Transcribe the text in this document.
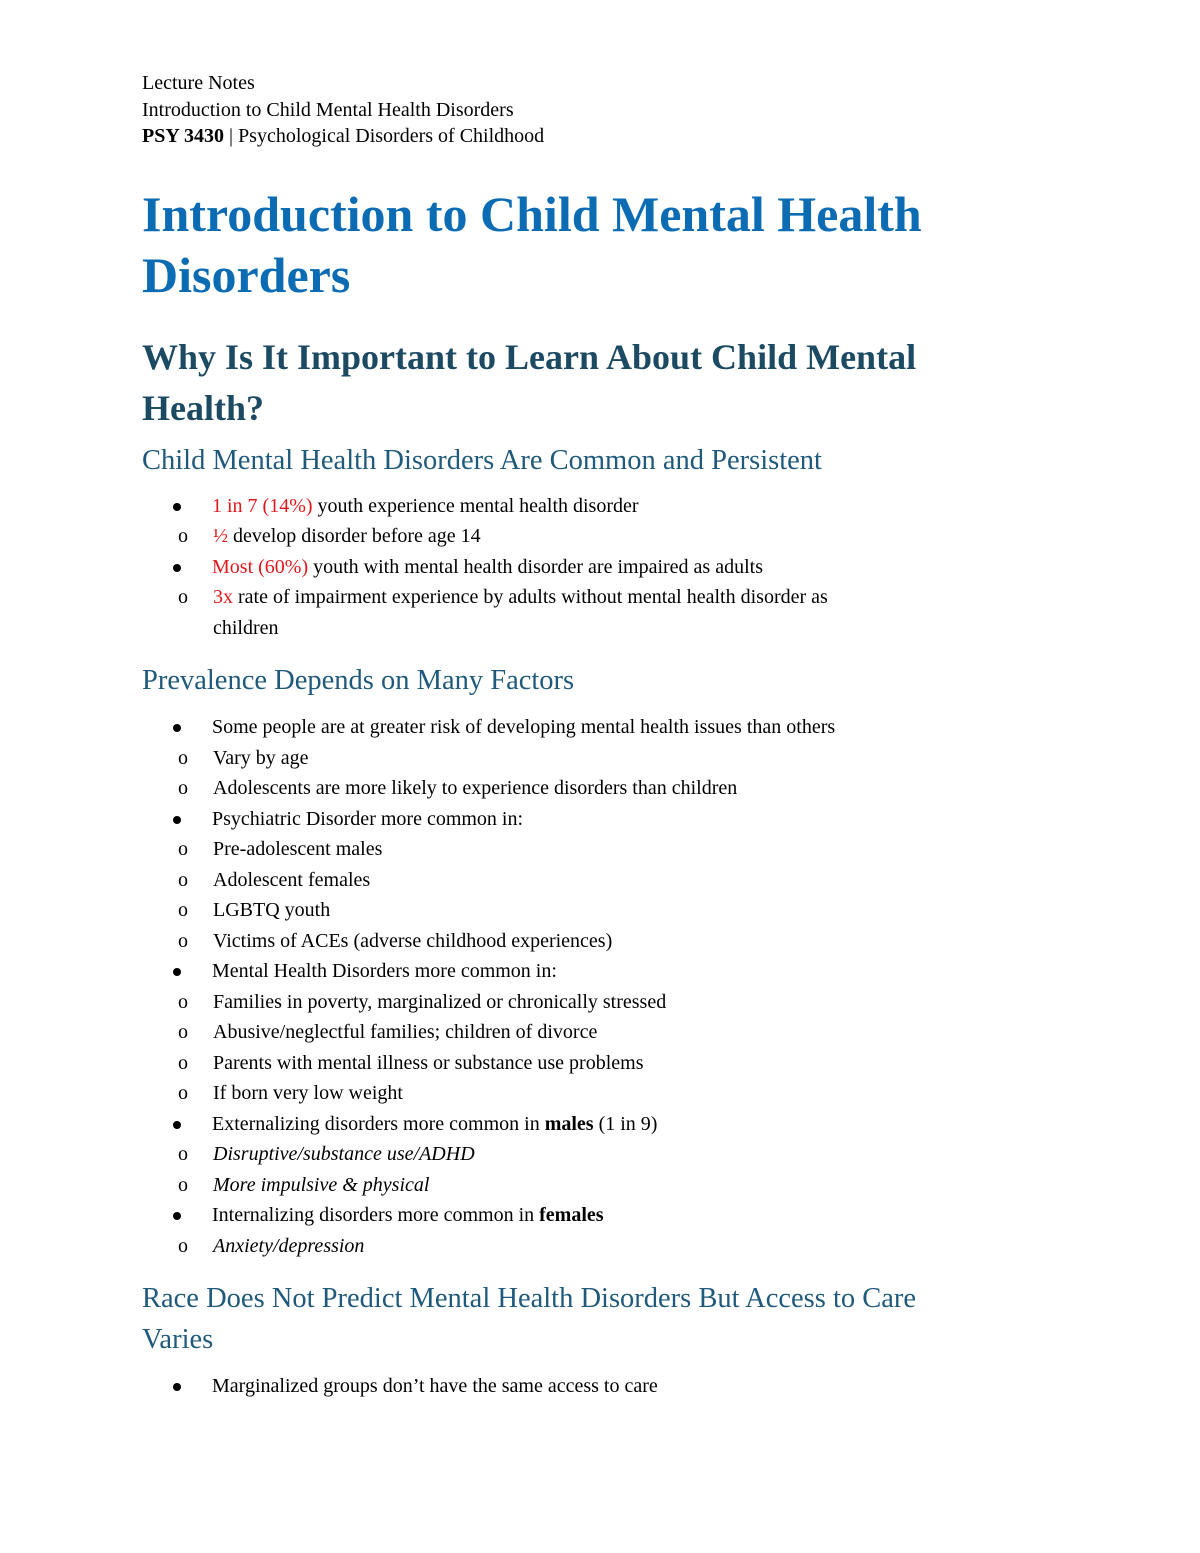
Lecture Notes

Introduction to Child Mental Health Disorders

PSY 3430 | Psychological Disorders of Childhood

Introduction to Child Mental Health
Disorders
Why Is It Important to Learn About Child Mental
Health?
Child Mental Health Disorders Are Common and Persistent
1 in 7 (14%) youth experience mental health disorder
o ½ develop disorder before age 14
Most (60%) youth with mental health disorder are impaired as adults
o 3x rate of impairment experience by adults without mental health disorder as
children
Prevalence Depends on Many Factors
Some people are at greater risk of developing mental health issues than others
o Vary by age
o Adolescents are more likely to experience disorders than children
Psychiatric Disorder more common in:
o Pre-adolescent males
o Adolescent females
o LGBTQ youth
o Victims of ACEs (adverse childhood experiences)
Mental Health Disorders more common in:
o Families in poverty, marginalized or chronically stressed
o Abusive/neglectful families; children of divorce
o Parents with mental illness or substance use problems
o If born very low weight
Externalizing disorders more common in males (1 in 9)
o Disruptive/substance use/ADHD
o More impulsive & physical
Internalizing disorders more common in females
o Anxiety/depression
Race Does Not Predict Mental Health Disorders But Access to Care
Varies
Marginalized groups don’t have the same access to care
